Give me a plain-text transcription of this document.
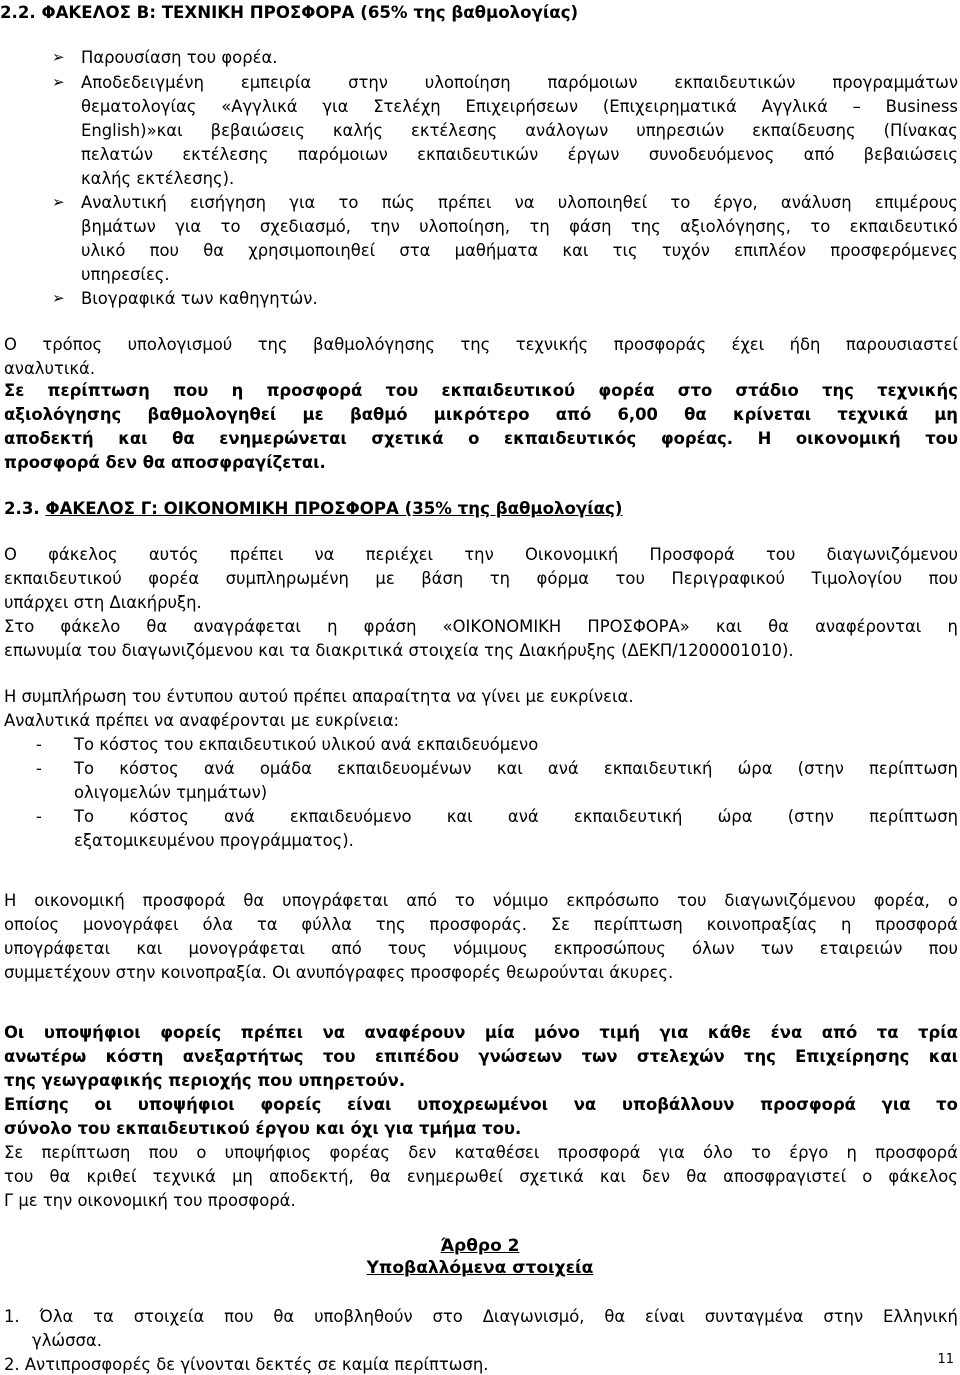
2.2. ΦΑΚΕΛΟΣ Β: ΤΕΧΝΙΚΗ ΠΡΟΣΦΟΡΑ (65% της βαθμολογίας)
➢ Παρουσίαση του φορέα.
➢ Αποδεδειγμένη εμπειρία στην υλοποίηση παρόμοιων εκπαιδευτικών προγραμμάτων
θεματολογίας «Αγγλικά για Στελέχη Επιχειρήσεων (Επιχειρηματικά Αγγλικά – Business
English)»και βεβαιώσεις καλής εκτέλεσης ανάλογων υπηρεσιών εκπαίδευσης (Πίνακας
πελατών εκτέλεσης παρόμοιων εκπαιδευτικών έργων συνοδευόμενος από βεβαιώσεις
καλής εκτέλεσης).
➢ Αναλυτική εισήγηση για το πώς πρέπει να υλοποιηθεί το έργο, ανάλυση επιμέρους
βημάτων για το σχεδιασμό, την υλοποίηση, τη φάση της αξιολόγησης, το εκπαιδευτικό
υλικό που θα χρησιμοποιηθεί στα μαθήματα και τις τυχόν επιπλέον προσφερόμενες
υπηρεσίες.
➢ Βιογραφικά των καθηγητών.
Ο τρόπος υπολογισμού της βαθμολόγησης της τεχνικής προσφοράς έχει ήδη παρουσιαστεί
αναλυτικά.
Σε περίπτωση που η προσφορά του εκπαιδευτικού φορέα στο στάδιο της τεχνικής
αξιολόγησης βαθμολογηθεί με βαθμό μικρότερο από 6,00 θα κρίνεται τεχνικά μη
αποδεκτή και θα ενημερώνεται σχετικά ο εκπαιδευτικός φορέας. Η οικονομική του
προσφορά δεν θα αποσφραγίζεται.
2.3. ΦΑΚΕΛΟΣ Γ: ΟΙΚΟΝΟΜΙΚΗ ΠΡΟΣΦΟΡΑ (35% της βαθμολογίας)
Ο φάκελος αυτός πρέπει να περιέχει την Οικονομική Προσφορά του διαγωνιζόμενου
εκπαιδευτικού φορέα συμπληρωμένη με βάση τη φόρμα του Περιγραφικού Τιμολογίου που
υπάρχει στη Διακήρυξη.
Στο φάκελο θα αναγράφεται η φράση «ΟΙΚΟΝΟΜΙΚΗ ΠΡΟΣΦΟΡΑ» και θα αναφέρονται η
επωνυμία του διαγωνιζόμενου και τα διακριτικά στοιχεία της Διακήρυξης (ΔΕΚΠ/1200001010).
Η συμπλήρωση του έντυπου αυτού πρέπει απαραίτητα να γίνει με ευκρίνεια.
Αναλυτικά πρέπει να αναφέρονται με ευκρίνεια:
- Το κόστος του εκπαιδευτικού υλικού ανά εκπαιδευόμενο
- Το κόστος ανά ομάδα εκπαιδευομένων και ανά εκπαιδευτική ώρα (στην περίπτωση
ολιγομελών τμημάτων)
- Το κόστος ανά εκπαιδευόμενο και ανά εκπαιδευτική ώρα (στην περίπτωση
εξατομικευμένου προγράμματος).
Η οικονομική προσφορά θα υπογράφεται από το νόμιμο εκπρόσωπο του διαγωνιζόμενου φορέα, ο
οποίος μονογράφει όλα τα φύλλα της προσφοράς. Σε περίπτωση κοινοπραξίας η προσφορά
υπογράφεται και μονογράφεται από τους νόμιμους εκπροσώπους όλων των εταιρειών που
συμμετέχουν στην κοινοπραξία. Οι ανυπόγραφες προσφορές θεωρούνται άκυρες.
Οι υποψήφιοι φορείς πρέπει να αναφέρουν μία μόνο τιμή για κάθε ένα από τα τρία
ανωτέρω κόστη ανεξαρτήτως του επιπέδου γνώσεων των στελεχών της Επιχείρησης και
της γεωγραφικής περιοχής που υπηρετούν.
Επίσης οι υποψήφιοι φορείς είναι υποχρεωμένοι να υποβάλλουν προσφορά για το
σύνολο του εκπαιδευτικού έργου και όχι για τμήμα του.
Σε περίπτωση που ο υποψήφιος φορέας δεν καταθέσει προσφορά για όλο το έργο η προσφορά
του θα κριθεί τεχνικά μη αποδεκτή, θα ενημερωθεί σχετικά και δεν θα αποσφραγιστεί ο φάκελος
Γ με την οικονομική του προσφορά.
Άρθρο 2
Υποβαλλόμενα στοιχεία
1. Όλα τα στοιχεία που θα υποβληθούν στο Διαγωνισμό, θα είναι συνταγμένα στην Ελληνική
γλώσσα.
2. Αντιπροσφορές δε γίνονται δεκτές σε καμία περίπτωση.	11
